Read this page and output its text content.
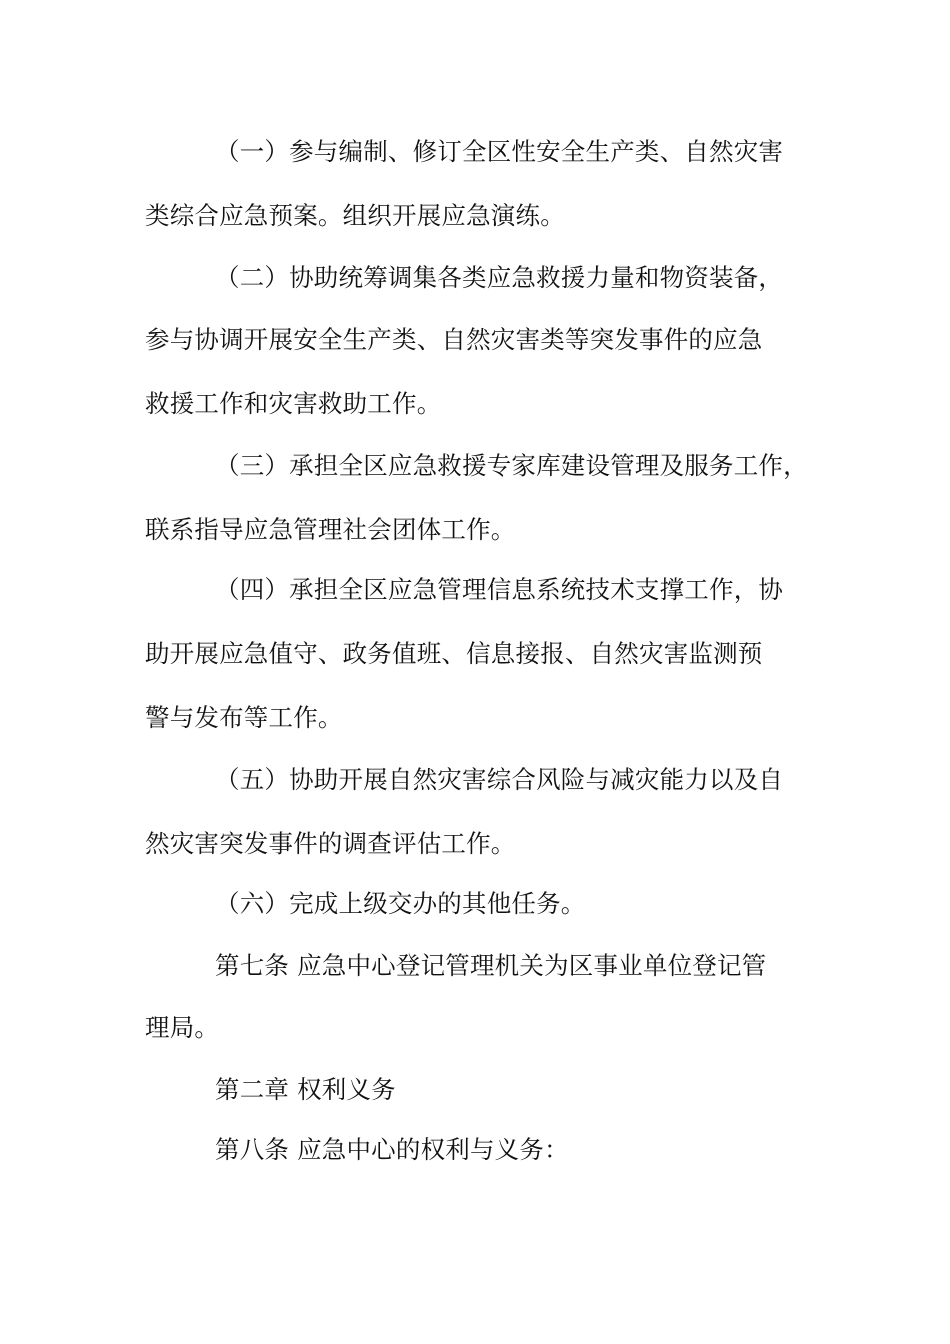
（一）参与编制、修订全区性安全生产类、自然灾害
类综合应急预案。组织开展应急演练。
（二）协助统筹调集各类应急救援力量和物资装备，
参与协调开展安全生产类、自然灾害类等突发事件的应急
救援工作和灾害救助工作。
（三）承担全区应急救援专家库建设管理及服务工作，
联系指导应急管理社会团体工作。
（四）承担全区应急管理信息系统技术支撑工作，协
助开展应急值守、政务值班、信息接报、自然灾害监测预
警与发布等工作。
（五）协助开展自然灾害综合风险与减灾能力以及自
然灾害突发事件的调查评估工作。
（六）完成上级交办的其他任务。
第七条 应急中心登记管理机关为区事业单位登记管
理局。
第二章 权利义务
第八条 应急中心的权利与义务：
